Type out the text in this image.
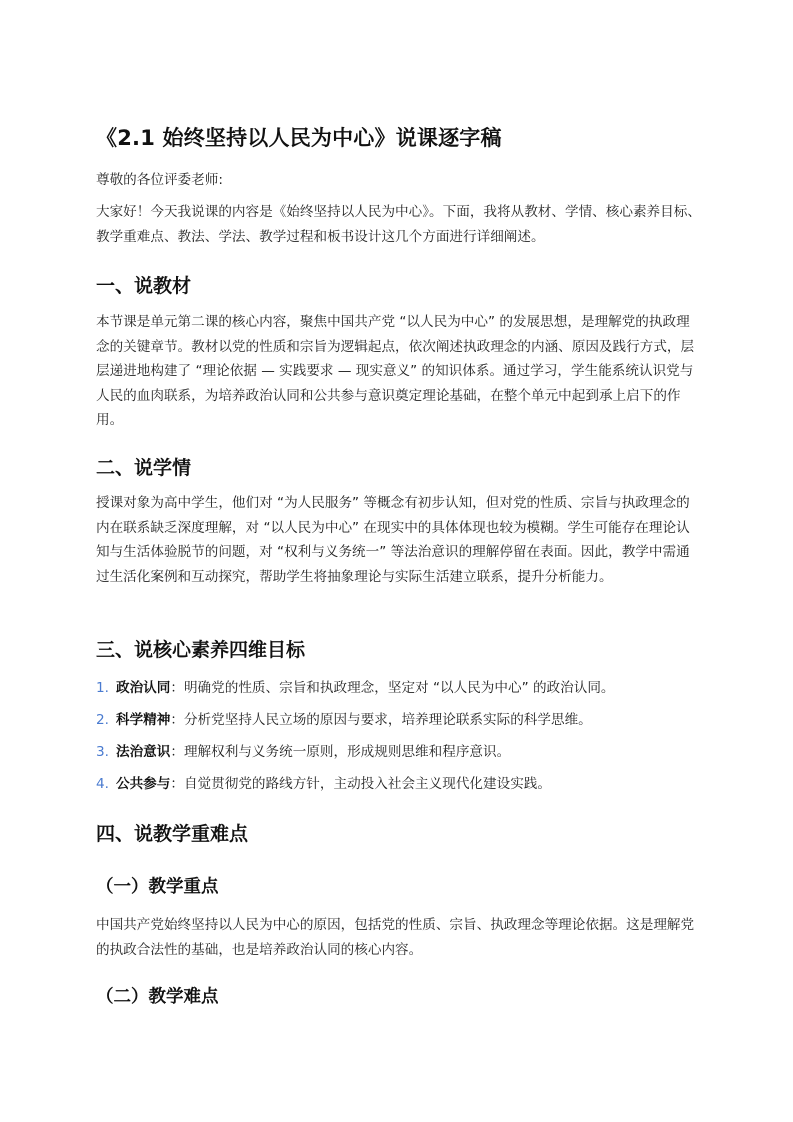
《2.1 始终坚持以人民为中心》说课逐字稿

尊敬的各位评委老师:

大家好！今天我说课的内容是《始终坚持以人民为中心》。下面，我将从教材、学情、核心素养目标、教学重难点、教法、学法、教学过程和板书设计这几个方面进行详细阐述。

一、说教材

本节课是单元第二课的核心内容，聚焦中国共产党 “以人民为中心” 的发展思想，是理解党的执政理念的关键章节。教材以党的性质和宗旨为逻辑起点，依次阐述执政理念的内涵、原因及践行方式，层层递进地构建了 “理论依据 — 实践要求 — 现实意义” 的知识体系。通过学习，学生能系统认识党与人民的血肉联系，为培养政治认同和公共参与意识奠定理论基础，在整个单元中起到承上启下的作用。

二、说学情

授课对象为高中学生，他们对 “为人民服务” 等概念有初步认知，但对党的性质、宗旨与执政理念的内在联系缺乏深度理解，对 “以人民为中心” 在现实中的具体体现也较为模糊。学生可能存在理论认知与生活体验脱节的问题，对 “权利与义务统一” 等法治意识的理解停留在表面。因此，教学中需通过生活化案例和互动探究，帮助学生将抽象理论与实际生活建立联系，提升分析能力。

三、说核心素养四维目标

1. 政治认同：明确党的性质、宗旨和执政理念，坚定对 “以人民为中心” 的政治认同。

2. 科学精神：分析党坚持人民立场的原因与要求，培养理论联系实际的科学思维。

3. 法治意识：理解权利与义务统一原则，形成规则思维和程序意识。

4. 公共参与：自觉贯彻党的路线方针，主动投入社会主义现代化建设实践。

四、说教学重难点
（一）教学重点

中国共产党始终坚持以人民为中心的原因，包括党的性质、宗旨、执政理念等理论依据。这是理解党的执政合法性的基础，也是培养政治认同的核心内容。

（二）教学难点
